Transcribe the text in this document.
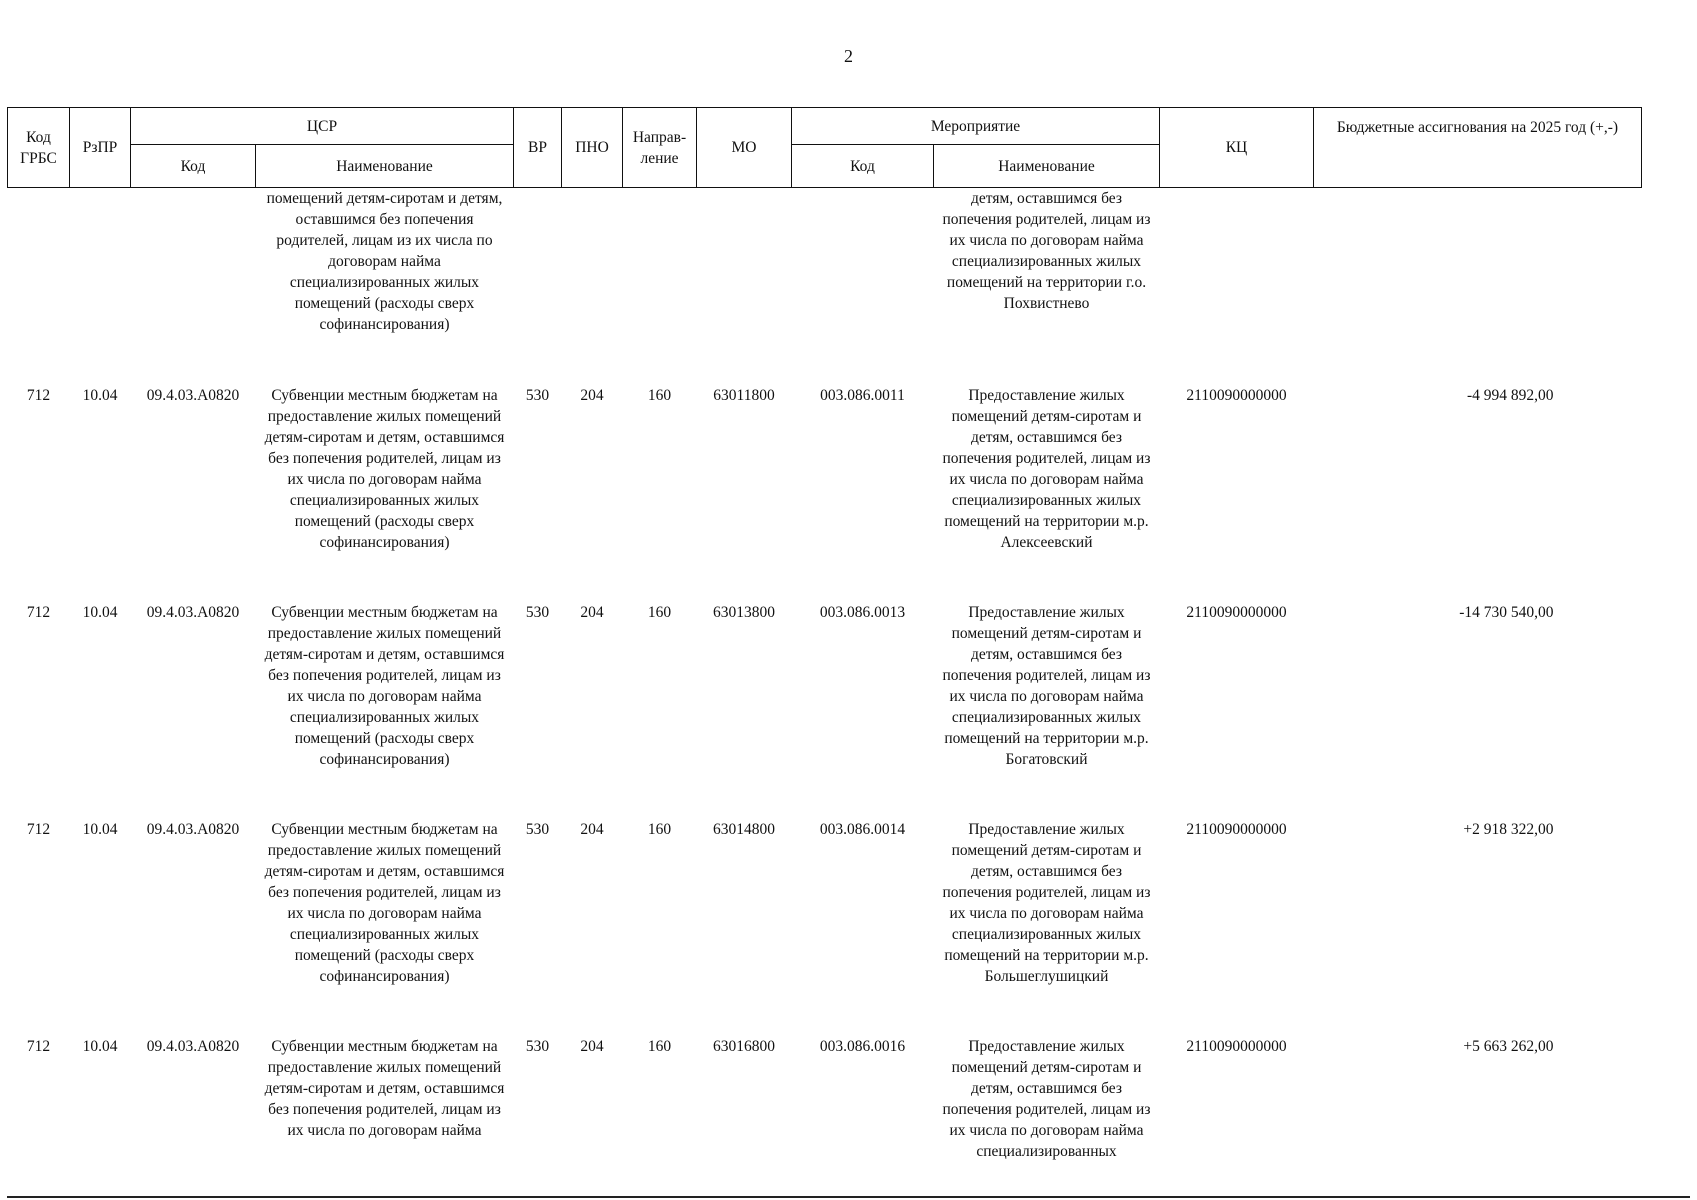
2
Код ГРБС	РзПР	ЦСР		ВР	ПНО	Направ-ление	МО	Мероприятие		КЦ	Бюджетные ассигнования на 2025 год (+,-)
		Код	Наименование					Код	Наименование		
			помещений детям-сиротам и детям, оставшимся без попечения родителей, лицам из их числа по договорам найма специализированных жилых помещений (расходы сверх софинансирования)						детям, оставшимся без попечения родителей, лицам из их числа по договорам найма специализированных жилых помещений на территории г.о. Похвистнево		
712	10.04	09.4.03.A0820	Субвенции местным бюджетам на предоставление жилых помещений детям-сиротам и детям, оставшимся без попечения родителей, лицам из их числа по договорам найма специализированных жилых помещений (расходы сверх софинансирования)	530	204	160	63011800	003.086.0011	Предоставление жилых помещений детям-сиротам и детям, оставшимся без попечения родителей, лицам из их числа по договорам найма специализированных жилых помещений на территории м.р. Алексеевский	2110090000000	-4 994 892,00
712	10.04	09.4.03.A0820	Субвенции местным бюджетам на предоставление жилых помещений детям-сиротам и детям, оставшимся без попечения родителей, лицам из их числа по договорам найма специализированных жилых помещений (расходы сверх софинансирования)	530	204	160	63013800	003.086.0013	Предоставление жилых помещений детям-сиротам и детям, оставшимся без попечения родителей, лицам из их числа по договорам найма специализированных жилых помещений на территории м.р. Богатовский	2110090000000	-14 730 540,00
712	10.04	09.4.03.A0820	Субвенции местным бюджетам на предоставление жилых помещений детям-сиротам и детям, оставшимся без попечения родителей, лицам из их числа по договорам найма специализированных жилых помещений (расходы сверх софинансирования)	530	204	160	63014800	003.086.0014	Предоставление жилых помещений детям-сиротам и детям, оставшимся без попечения родителей, лицам из их числа по договорам найма специализированных жилых помещений на территории м.р. Большеглушицкий	2110090000000	+2 918 322,00
712	10.04	09.4.03.A0820	Субвенции местным бюджетам на предоставление жилых помещений детям-сиротам и детям, оставшимся без попечения родителей, лицам из их числа по договорам найма	530	204	160	63016800	003.086.0016	Предоставление жилых помещений детям-сиротам и детям, оставшимся без попечения родителей, лицам из их числа по договорам найма специализированных	2110090000000	+5 663 262,00
